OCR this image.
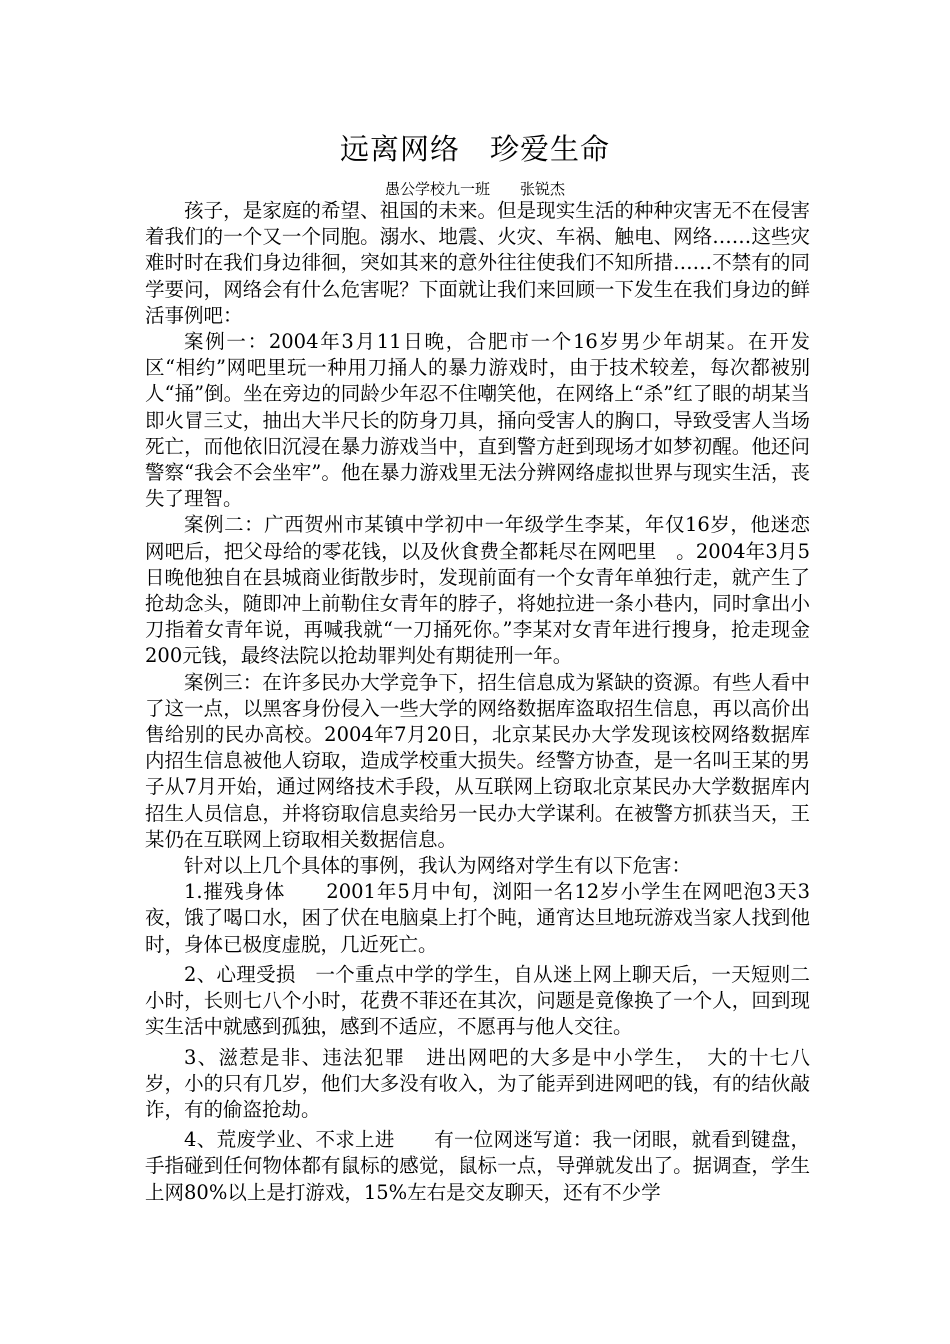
远离网络　珍爱生命
愚公学校九一班　　张锐杰

孩子，是家庭的希望、祖国的未来。但是现实生活的种种灾害无不在侵害着我们的一个又一个同胞。溺水、地震、火灾、车祸、触电、网络……这些灾难时时在我们身边徘徊，突如其来的意外往往使我们不知所措……不禁有的同学要问，网络会有什么危害呢？下面就让我们来回顾一下发生在我们身边的鲜活事例吧：

案例一：2004年3月11日晚，合肥市一个16岁男少年胡某。在开发区“相约”网吧里玩一种用刀捅人的暴力游戏时，由于技术较差，每次都被别人“捅”倒。坐在旁边的同龄少年忍不住嘲笑他，在网络上“杀”红了眼的胡某当即火冒三丈，抽出大半尺长的防身刀具，捅向受害人的胸口，导致受害人当场死亡，而他依旧沉浸在暴力游戏当中，直到警方赶到现场才如梦初醒。他还问警察“我会不会坐牢”。他在暴力游戏里无法分辨网络虚拟世界与现实生活，丧失了理智。

案例二：广西贺州市某镇中学初中一年级学生李某，年仅16岁，他迷恋网吧后，把父母给的零花钱，以及伙食费全都耗尽在网吧里　。2004年3月5日晚他独自在县城商业街散步时，发现前面有一个女青年单独行走，就产生了抢劫念头，随即冲上前勒住女青年的脖子，将她拉进一条小巷内，同时拿出小刀指着女青年说，再喊我就“一刀捅死你。”李某对女青年进行搜身，抢走现金200元钱，最终法院以抢劫罪判处有期徒刑一年。

案例三：在许多民办大学竞争下，招生信息成为紧缺的资源。有些人看中了这一点，以黑客身份侵入一些大学的网络数据库盗取招生信息，再以高价出售给别的民办高校。2004年7月20日，北京某民办大学发现该校网络数据库内招生信息被他人窃取，造成学校重大损失。经警方协查，是一名叫王某的男子从7月开始，通过网络技术手段，从互联网上窃取北京某民办大学数据库内招生人员信息，并将窃取信息卖给另一民办大学谋利。在被警方抓获当天，王某仍在互联网上窃取相关数据信息。

针对以上几个具体的事例，我认为网络对学生有以下危害：

1.摧残身体　　2001年5月中旬，浏阳一名12岁小学生在网吧泡3天3夜，饿了喝口水，困了伏在电脑桌上打个盹，通宵达旦地玩游戏当家人找到他时，身体已极度虚脱，几近死亡。

2、心理受损　一个重点中学的学生，自从迷上网上聊天后，一天短则二小时，长则七八个小时，花费不菲还在其次，问题是竟像换了一个人，回到现实生活中就感到孤独，感到不适应，不愿再与他人交往。

3、滋惹是非、违法犯罪　进出网吧的大多是中小学生，　大的十七八岁，小的只有几岁，他们大多没有收入，为了能弄到进网吧的钱，有的结伙敲诈，有的偷盗抢劫。

4、荒废学业、不求上进　　有一位网迷写道：我一闭眼，就看到键盘，手指碰到任何物体都有鼠标的感觉，鼠标一点，导弹就发出了。据调查，学生上网80%以上是打游戏，15%左右是交友聊天，还有不少学
